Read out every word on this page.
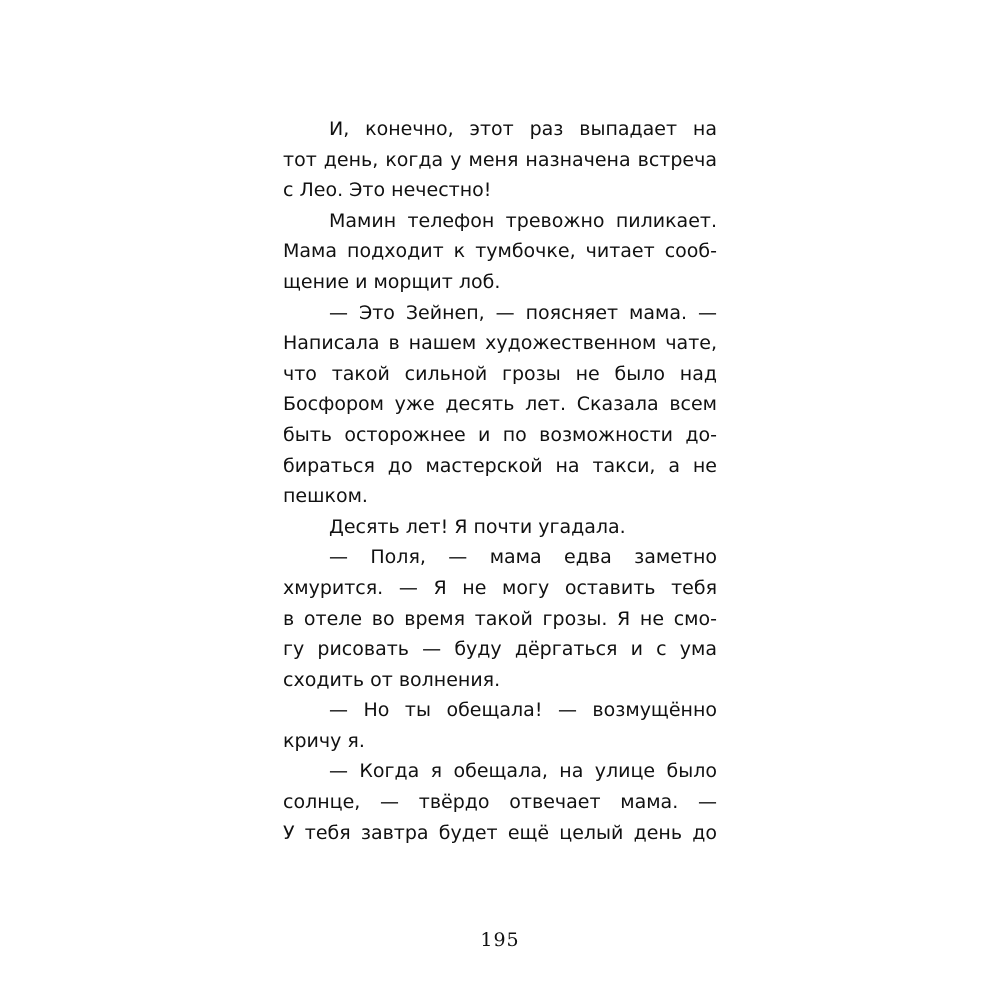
И, конечно, этот раз выпадает на
тот день, когда у меня назначена встреча
с Лео. Это нечестно!
Мамин телефон тревожно пиликает.
Мама подходит к тумбочке, читает сооб-
щение и морщит лоб.
— Это Зейнеп, — поясняет мама. —
Написала в нашем художественном чате,
что такой сильной грозы не было над
Босфором уже десять лет. Сказала всем
быть осторожнее и по возможности до-
бираться до мастерской на такси, а не
пешком.
Десять лет! Я почти угадала.
— Поля, — мама едва заметно
хмурится. — Я не могу оставить тебя
в отеле во время такой грозы. Я не смо-
гу рисовать — буду дёргаться и с ума
сходить от волнения.
— Но ты обещала! — возмущённо
кричу я.
— Когда я обещала, на улице было
солнце, — твёрдо отвечает мама. —
У тебя завтра будет ещё целый день до
195
